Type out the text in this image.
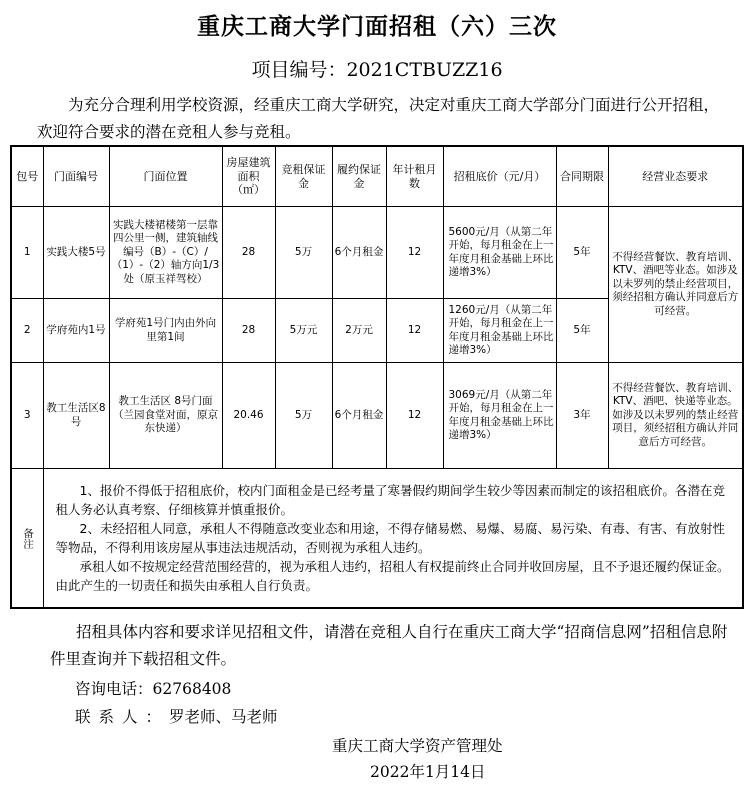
重庆工商大学门面招租（六）三次
项目编号：2021CTBUZZ16
为充分合理利用学校资源，经重庆工商大学研究，决定对重庆工商大学部分门面进行公开招租，欢迎符合要求的潜在竞租人参与竞租。
包号	门面编号	门面位置	房屋建筑面积（㎡）	竞租保证金	履约保证金	年计租月数	招租底价（元/月）	合同期限	经营业态要求
1	实践大楼5号	实践大楼裙楼第一层靠四公里一侧，建筑轴线编号（B）-（C）/（1）-（2）轴方向1/3处（原玉祥驾校）	28	5万	6个月租金	12	5600元/月（从第二年开始，每月租金在上一年度月租金基础上环比递增3%）	5年	不得经营餐饮、教育培训、KTV、酒吧等业态。如涉及以未罗列的禁止经营项目，须经招租方确认并同意后方可经营。
2	学府苑内1号	学府苑1号门内由外向里第1间	28	5万元	2万元	12	1260元/月（从第二年开始，每月租金在上一年度月租金基础上环比递增3%）	5年	
3	教工生活区8号	教工生活区 8号门面（兰园食堂对面，原京东快递）	20.46	5万	6个月租金	12	3069元/月（从第二年开始，每月租金在上一年度月租金基础上环比递增3%）	3年	不得经营餐饮、教育培训、KTV、酒吧、快递等业态。如涉及以未罗列的禁止经营项目，须经招租方确认并同意后方可经营。
备注	1、报价不得低于招租底价，校内门面租金是已经考量了寒暑假约期间学生较少等因素而制定的该招租底价。各潜在竞租人务必认真考察、仔细核算并慎重报价。

2、未经招租人同意，承租人不得随意改变业态和用途，不得存储易燃、易爆、易腐、易污染、有毒、有害、有放射性等物品，不得利用该房屋从事违法违规活动，否则视为承租人违约。

承租人如不按规定经营范围经营的，视为承租人违约，招租人有权提前终止合同并收回房屋，且不予退还履约保证金。由此产生的一切责任和损失由承租人自行负责。								

招租具体内容和要求详见招租文件，请潜在竞租人自行在重庆工商大学“招商信息网”招租信息附件里查询并下载招租文件。
咨询电话：62768408
联系人：罗老师、马老师
重庆工商大学资产管理处
2022年1月14日
